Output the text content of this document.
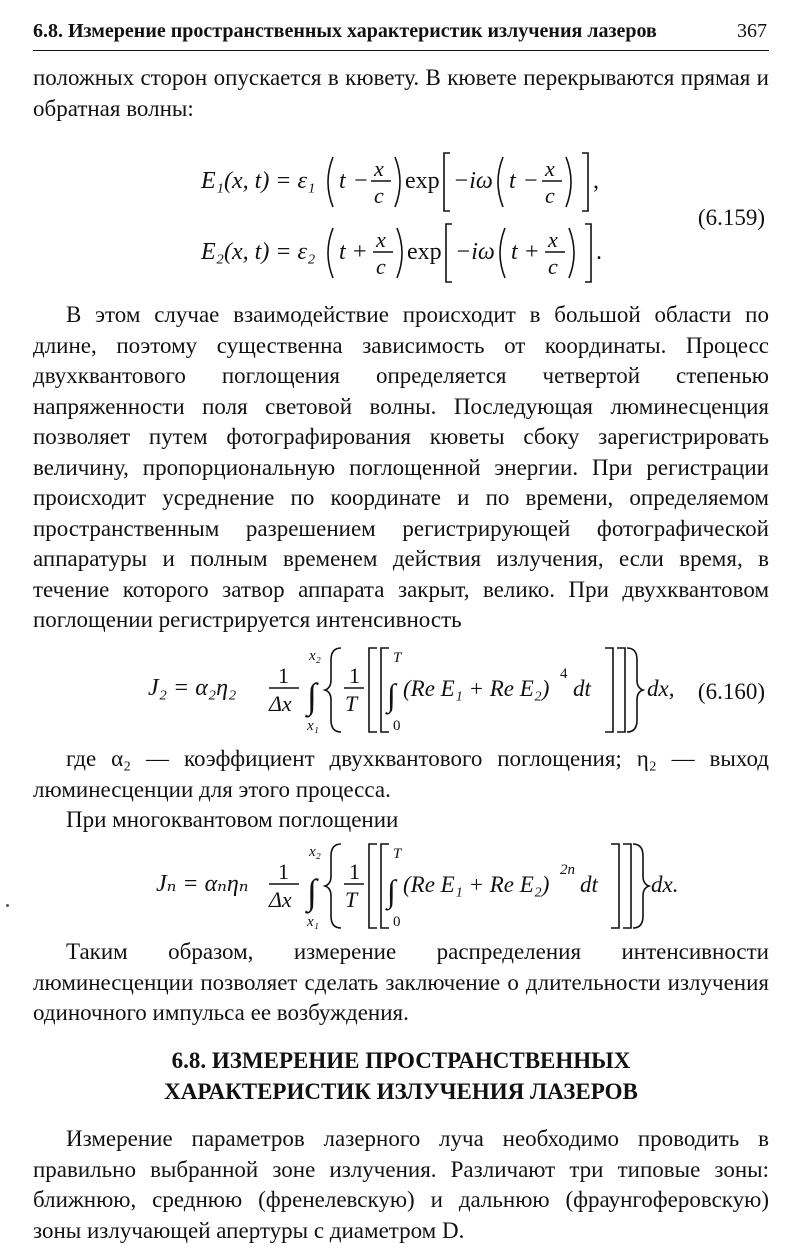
6.8. Измерение пространственных характеристик излучения лазеров	367

положных сторон опускается в кювету. В кювете перекрываются прямая и обратная волны:

E₁(x, t) = ε₁ t − x
c
exp −iω t − x
c
,
E₂(x, t) = ε₂ t + x
c
exp −iω t + x
c
.
(6.159)

В этом случае взаимодействие происходит в большой области по длине, поэтому существенна зависимость от координаты. Процесс двухквантового поглощения определяется четвертой степенью напряженности поля световой волны. Последующая люминесценция позволяет путем фотографирования кюветы сбоку зарегистрировать величину, пропорциональную поглощенной энергии. При регистрации происходит усреднение по координате и по времени, определяемом пространственным разрешением регистрирующей фотографической аппаратуры и полным временем действия излучения, если время, в течение которого затвор аппарата закрыт, велико. При двухквантовом поглощении регистрируется интенсивность

J₂ = α₂η₂ 1
Δx ∫
x₂
x₁
1
T ∫
T
0
(Re E₁ + Re E₂)
4
dt dx, (6.160)

где α₂ — коэффициент двухквантового поглощения; η₂ — выход люминесценции для этого процесса.

При многоквантовом поглощении

Jₙ = αₙηₙ 1
Δx ∫
x₂
x₁
1
T ∫
T
0
(Re E₁ + Re E₂)
2n
dt dx.

Таким образом, измерение распределения интенсивности люминесценции позволяет сделать заключение о длительности излучения одиночного импульса ее возбуждения.

6.8. ИЗМЕРЕНИЕ ПРОСТРАНСТВЕННЫХ
ХАРАКТЕРИСТИК ИЗЛУЧЕНИЯ ЛАЗЕРОВ

Измерение параметров лазерного луча необходимо проводить в правильно выбранной зоне излучения. Различают три типовые зоны: ближнюю, среднюю (френелевскую) и дальнюю (фраунгоферовскую) зоны излучающей апертуры с диаметром D.
